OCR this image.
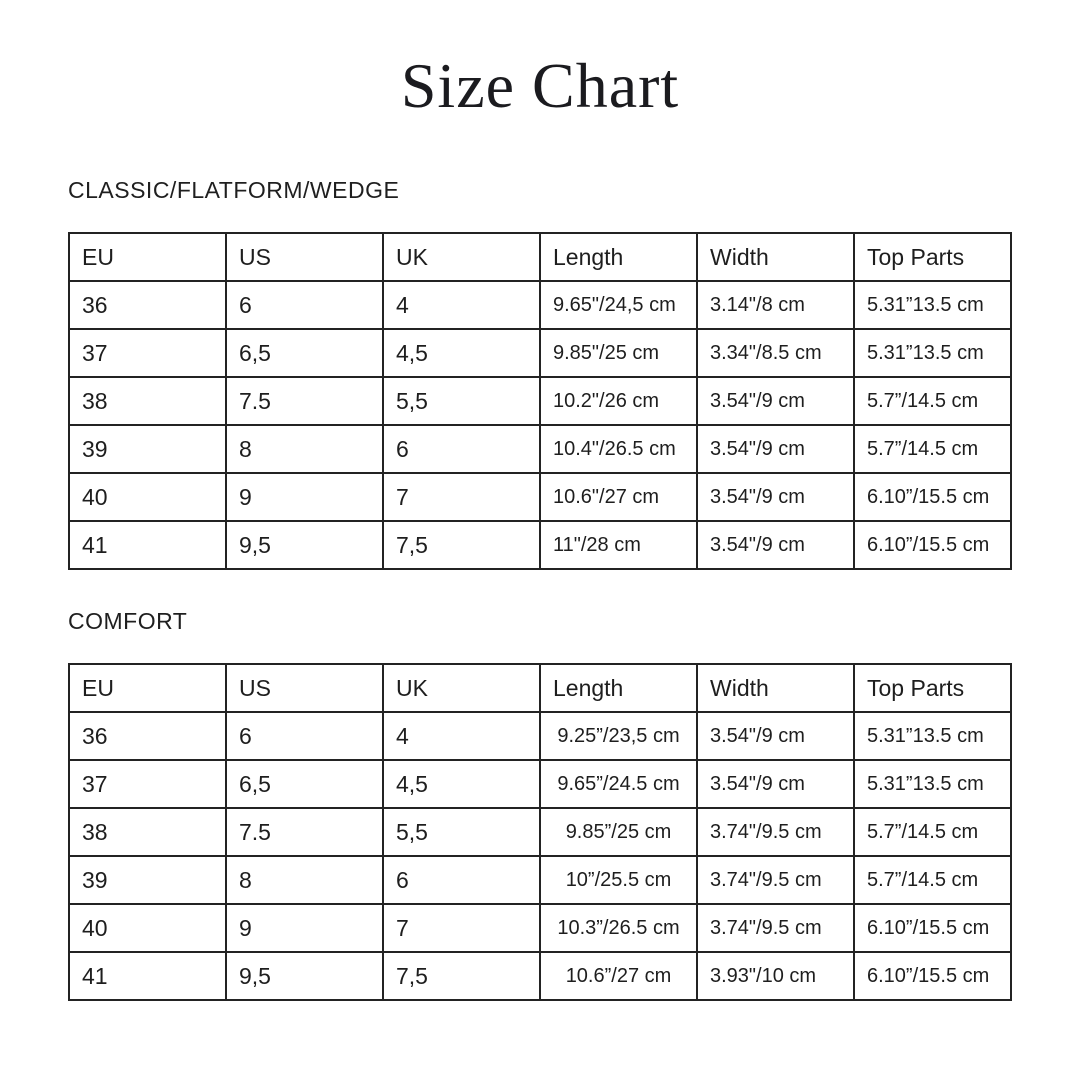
Size Chart
CLASSIC/FLATFORM/WEDGE
EU	US	UK	Length	Width	Top Parts
36	6	4	9.65"/24,5 cm	3.14"/8 cm	5.31”13.5 cm
37	6,5	4,5	9.85"/25 cm	3.34"/8.5 cm	5.31”13.5 cm
38	7.5	5,5	10.2"/26 cm	3.54"/9 cm	5.7”/14.5 cm
39	8	6	10.4"/26.5 cm	3.54"/9 cm	5.7”/14.5 cm
40	9	7	10.6"/27 cm	3.54"/9 cm	6.10”/15.5 cm
41	9,5	7,5	11"/28 cm	3.54"/9 cm	6.10”/15.5 cm
COMFORT
EU	US	UK	Length	Width	Top Parts
36	6	4	9.25”/23,5 cm	3.54"/9 cm	5.31”13.5 cm
37	6,5	4,5	9.65”/24.5 cm	3.54"/9 cm	5.31”13.5 cm
38	7.5	5,5	9.85”/25 cm	3.74"/9.5 cm	5.7”/14.5 cm
39	8	6	10”/25.5 cm	3.74"/9.5 cm	5.7”/14.5 cm
40	9	7	10.3”/26.5 cm	3.74"/9.5 cm	6.10”/15.5 cm
41	9,5	7,5	10.6”/27 cm	3.93"/10 cm	6.10”/15.5 cm
